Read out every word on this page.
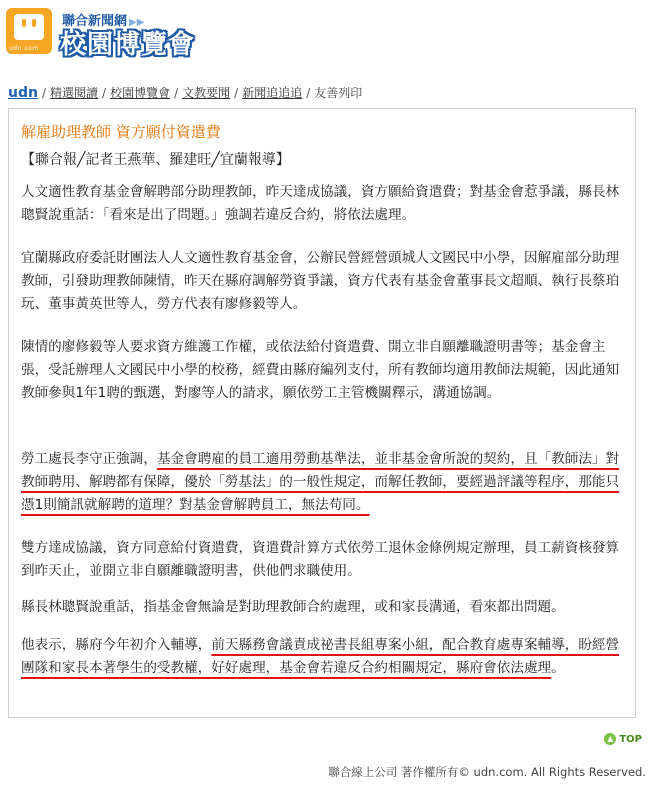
udn.com
聯合新聞網 ▶▶
校園博覽會
udn / 精選閱讀 / 校園博覽會 / 文教要聞 / 新聞追追追 / 友善列印
解雇助理教師 資方願付資遣費
【聯合報╱記者王燕華、羅建旺╱宜蘭報導】

人文適性教育基金會解聘部分助理教師，昨天達成協議，資方願給資遣費；對基金會惹爭議，縣長林聰賢說重話：「看來是出了問題。」強調若違反合約，將依法處理。

宜蘭縣政府委託財團法人人文適性教育基金會，公辦民營經營頭城人文國民中小學，因解雇部分助理教師，引發助理教師陳情，昨天在縣府調解勞資爭議，資方代表有基金會董事長文超順、執行長蔡珀玩、董事黃英世等人，勞方代表有廖修毅等人。

陳情的廖修毅等人要求資方維護工作權，或依法給付資遣費、開立非自願離職證明書等；基金會主張，受託辦理人文國民中小學的校務，經費由縣府編列支付，所有教師均適用教師法規範，因此通知教師參與1年1聘的甄選，對廖等人的請求，願依勞工主管機關釋示，溝通協調。

勞工處長李守正強調，基金會聘雇的員工適用勞動基準法，並非基金會所說的契約，且「教師法」對教師聘用、解聘都有保障，優於「勞基法」的一般性規定，而解任教師，要經過評議等程序，那能只憑1則簡訊就解聘的道理？對基金會解聘員工，無法苟同。

雙方達成協議，資方同意給付資遣費，資遣費計算方式依勞工退休金條例規定辦理，員工薪資核發算到昨天止，並開立非自願離職證明書，供他們求職使用。

縣長林聰賢說重話，指基金會無論是對助理教師合約處理，或和家長溝通，看來都出問題。

他表示，縣府今年初介入輔導，前天縣務會議責成祕書長組專案小組，配合教育處專案輔導，盼經營團隊和家長本著學生的受教權，好好處理，基金會若違反合約相關規定，縣府會依法處理。

▲ TOP
聯合線上公司 著作權所有© udn.com. All Rights Reserved.
